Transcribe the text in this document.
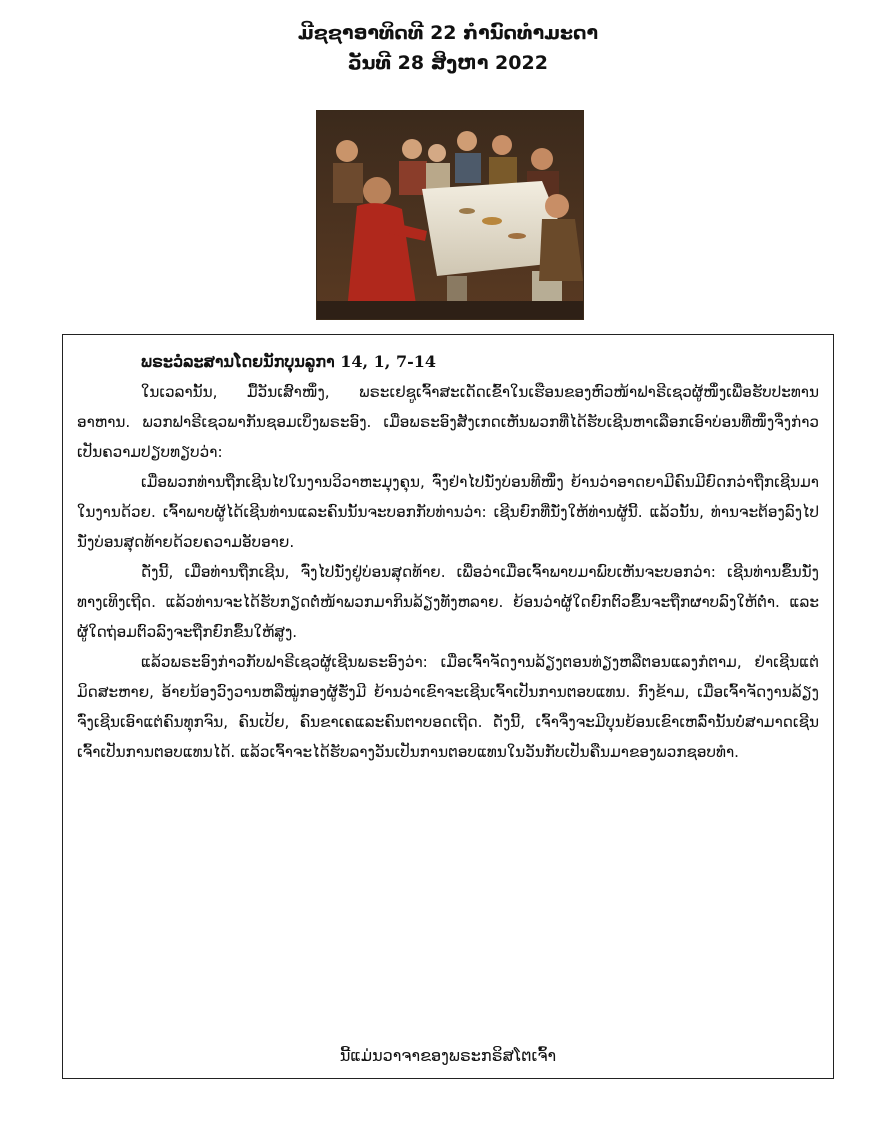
ມີຊຊາອາທິດທີ 22 ກໍານົດທໍາມະດາ
ວັນທີ 28 ສິງຫາ 2022
ພຣະວໍລະສານໂດຍນັກບຸນລູກາ 14, 1, 7-14

ໃນເວລານັ້ນ, ມື້ວັນເສົາໜຶ່ງ, ພຣະເຢຊູເຈົ້າສະເດັດເຂົ້າໃນເຮືອນຂອງຫົວໜ້າຟາຣີເຊວຜູ້ໜຶ່ງເພື່ອຮັບປະທານອາຫານ. ພວກຟາຣີເຊວພາກັນຊອມເບິ່ງພຣະອົງ. ເມື່ອພຣະອົງສັງເກດເຫັນພວກທີ່ໄດ້ຮັບເຊີນຫາເລືອກເອົາບ່ອນທີ່ໜຶ່ງຈຶ່ງກ່າວເປັນຄວາມປຽບທຽບວ່າ:

ເມື່ອພວກທ່ານຖືກເຊີນໄປໃນງານວິວາຫະມຸງຄຸນ, ຈົ່ງຢ່າໄປນັ່ງບ່ອນທີໜຶ່ງ ຍ້ານວ່າອາດຍາມີຄົນມີຍົດກວ່າຖືກເຊີນມາໃນງານດ້ວຍ. ເຈົ້າພາບຜູ້ໄດ້ເຊີນທ່ານແລະຄົນນັ້ນຈະບອກກັບທ່ານວ່າ: ເຊີນຍົກທີ່ນັ່ງໃຫ້ທ່ານຜູ້ນີ້. ແລ້ວນັ້ນ, ທ່ານຈະຕ້ອງລົງໄປນັ່ງບ່ອນສຸດທ້າຍດ້ວຍຄວາມອັບອາຍ.

ດັ່ງນີ້, ເມື່ອທ່ານຖືກເຊີນ, ຈົ່ງໄປນັ່ງຢູ່ບ່ອນສຸດທ້າຍ. ເພື່ອວ່າເມື່ອເຈົ້າພາບມາພົບເຫັນຈະບອກວ່າ: ເຊີນທ່ານຂຶ້ນນັ່ງທາງເທິງເຖີດ. ແລ້ວທ່ານຈະໄດ້ຮັບກຽດຕໍ່ໜ້າພວກມາກິນລ້ຽງທັງຫລາຍ. ຍ້ອນວ່າຜູ້ໃດຍົກຕົວຂຶ້ນຈະຖືກຜາບລົງໃຫ້ຕໍ່າ. ແລະຜູ້ໃດຖ່ອມຕົວລົງຈະຖືກຍົກຂຶ້ນໃຫ້ສູງ.

ແລ້ວພຣະອົງກ່າວກັບຟາຣີເຊວຜູ້ເຊີນພຣະອົງວ່າ: ເມື່ອເຈົ້າຈັດງານລ້ຽງຕອນທ່ຽງຫລືຕອນແລງກໍຕາມ, ຢ່າເຊີນແຕ່ມິດສະຫາຍ, ອ້າຍນ້ອງວົງວານຫລືໝູ່ກອງຜູ້ຮັ່ງມີ ຍ້ານວ່າເຂົາຈະເຊີນເຈົ້າເປັນການຕອບແທນ. ກົງຂ້າມ, ເມື່ອເຈົ້າຈັດງານລ້ຽງຈົ່ງເຊີນເອົາແຕ່ຄົນທຸກຈົນ, ຄົນເປ້ຍ, ຄົນຂາເຄແລະຄົນຕາບອດເຖີດ. ດັ່ງນີ້, ເຈົ້າຈຶ່ງຈະມີບຸນຍ້ອນເຂົາເຫລົ່ານັ້ນບໍ່ສາມາດເຊີນເຈົ້າເປັນການຕອບແທນໄດ້. ແລ້ວເຈົ້າຈະໄດ້ຮັບລາງວັນເປັນການຕອບແທນໃນວັນກັບເປັນຄືນມາຂອງພວກຊອບທໍາ.

ນີ້ແມ່ນວາຈາຂອງພຣະກຣິສໂຕເຈົ້າ
